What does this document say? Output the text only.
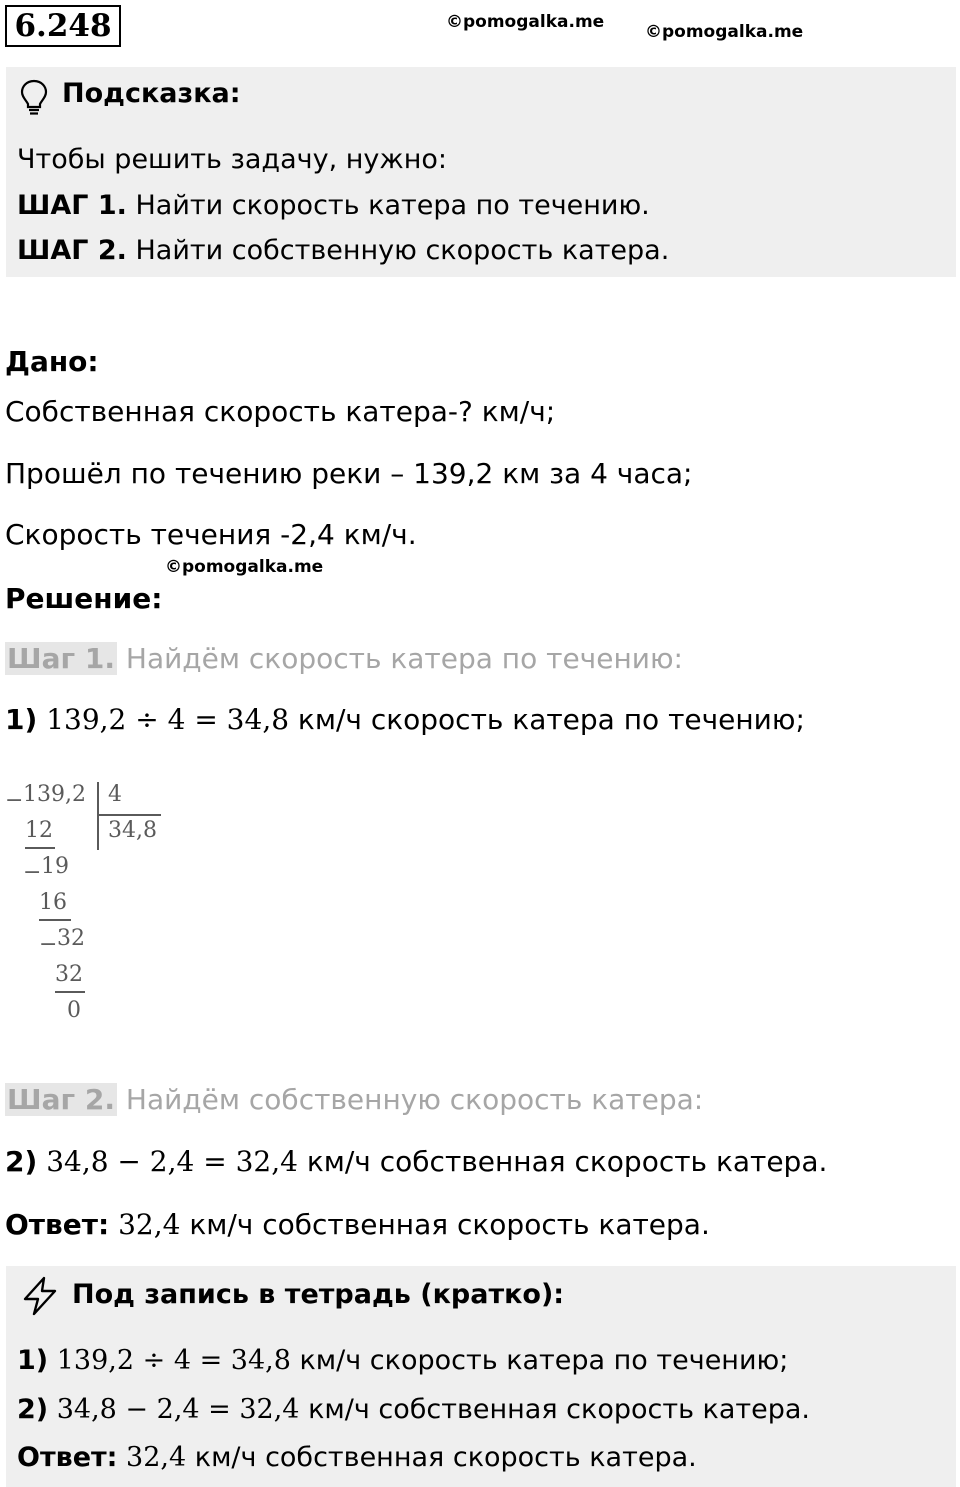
6.248	©pomogalka.me ©pomogalka.me
Подсказка:
Чтобы решить задачу, нужно:
ШАГ 1. Найти скорость катера по течению.
ШАГ 2. Найти собственную скорость катера.
Дано:
Собственная скорость катера-? км/ч;
Прошёл по течению реки – 139,2 км за 4 часа;
Скорость течения -2,4 км/ч.
©pomogalka.me
Решение:
Шаг 1. Найдём скорость катера по течению:
1) 139,2 ÷ 4 = 34,8 км/ч скорость катера по течению;
− 139,2 4
34,8
12
− 19
16
− 32
32
0
Шаг 2. Найдём собственную скорость катера:
2) 34,8 − 2,4 = 32,4 км/ч собственная скорость катера.
Ответ: 32,4 км/ч собственная скорость катера.
Под запись в тетрадь (кратко):
1) 139,2 ÷ 4 = 34,8 км/ч скорость катера по течению;
2) 34,8 − 2,4 = 32,4 км/ч собственная скорость катера.
Ответ: 32,4 км/ч собственная скорость катера.
